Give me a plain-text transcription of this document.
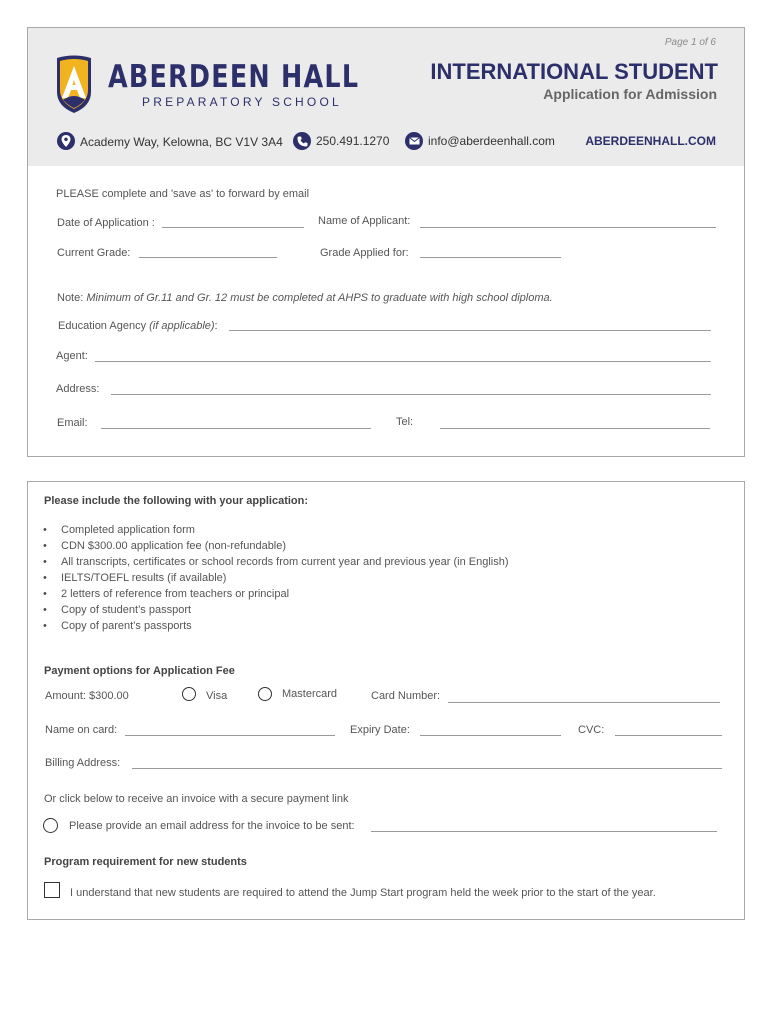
ABERDEEN HALL
PREPARATORY SCHOOL
Page 1 of 6
INTERNATIONAL STUDENT
Application for Admission
Academy Way, Kelowna, BC V1V 3A4	250.491.1270	info@aberdeenhall.com	ABERDEENHALL.COM
PLEASE complete and 'save as' to forward by email
Date of Application :	Name of Applicant:
Current Grade:	Grade Applied for:
Note: Minimum of Gr.11 and Gr. 12 must be completed at AHPS to graduate with high school diploma.
Education Agency (if applicable):
Agent:
Address:
Email:	Tel:
Please include the following with your application:
• Completed application form
• CDN $300.00 application fee (non-refundable)
• All transcripts, certificates or school records from current year and previous year (in English)
• IELTS/TOEFL results (if available)
• 2 letters of reference from teachers or principal
• Copy of student’s passport
• Copy of parent’s passports
Payment options for Application Fee
Amount: $300.00	Visa	Mastercard	Card Number:
Name on card:	Expiry Date:	CVC:
Billing Address:
Or click below to receive an invoice with a secure payment link
Please provide an email address for the invoice to be sent:
Program requirement for new students
I understand that new students are required to attend the Jump Start program held the week prior to the start of the year.
